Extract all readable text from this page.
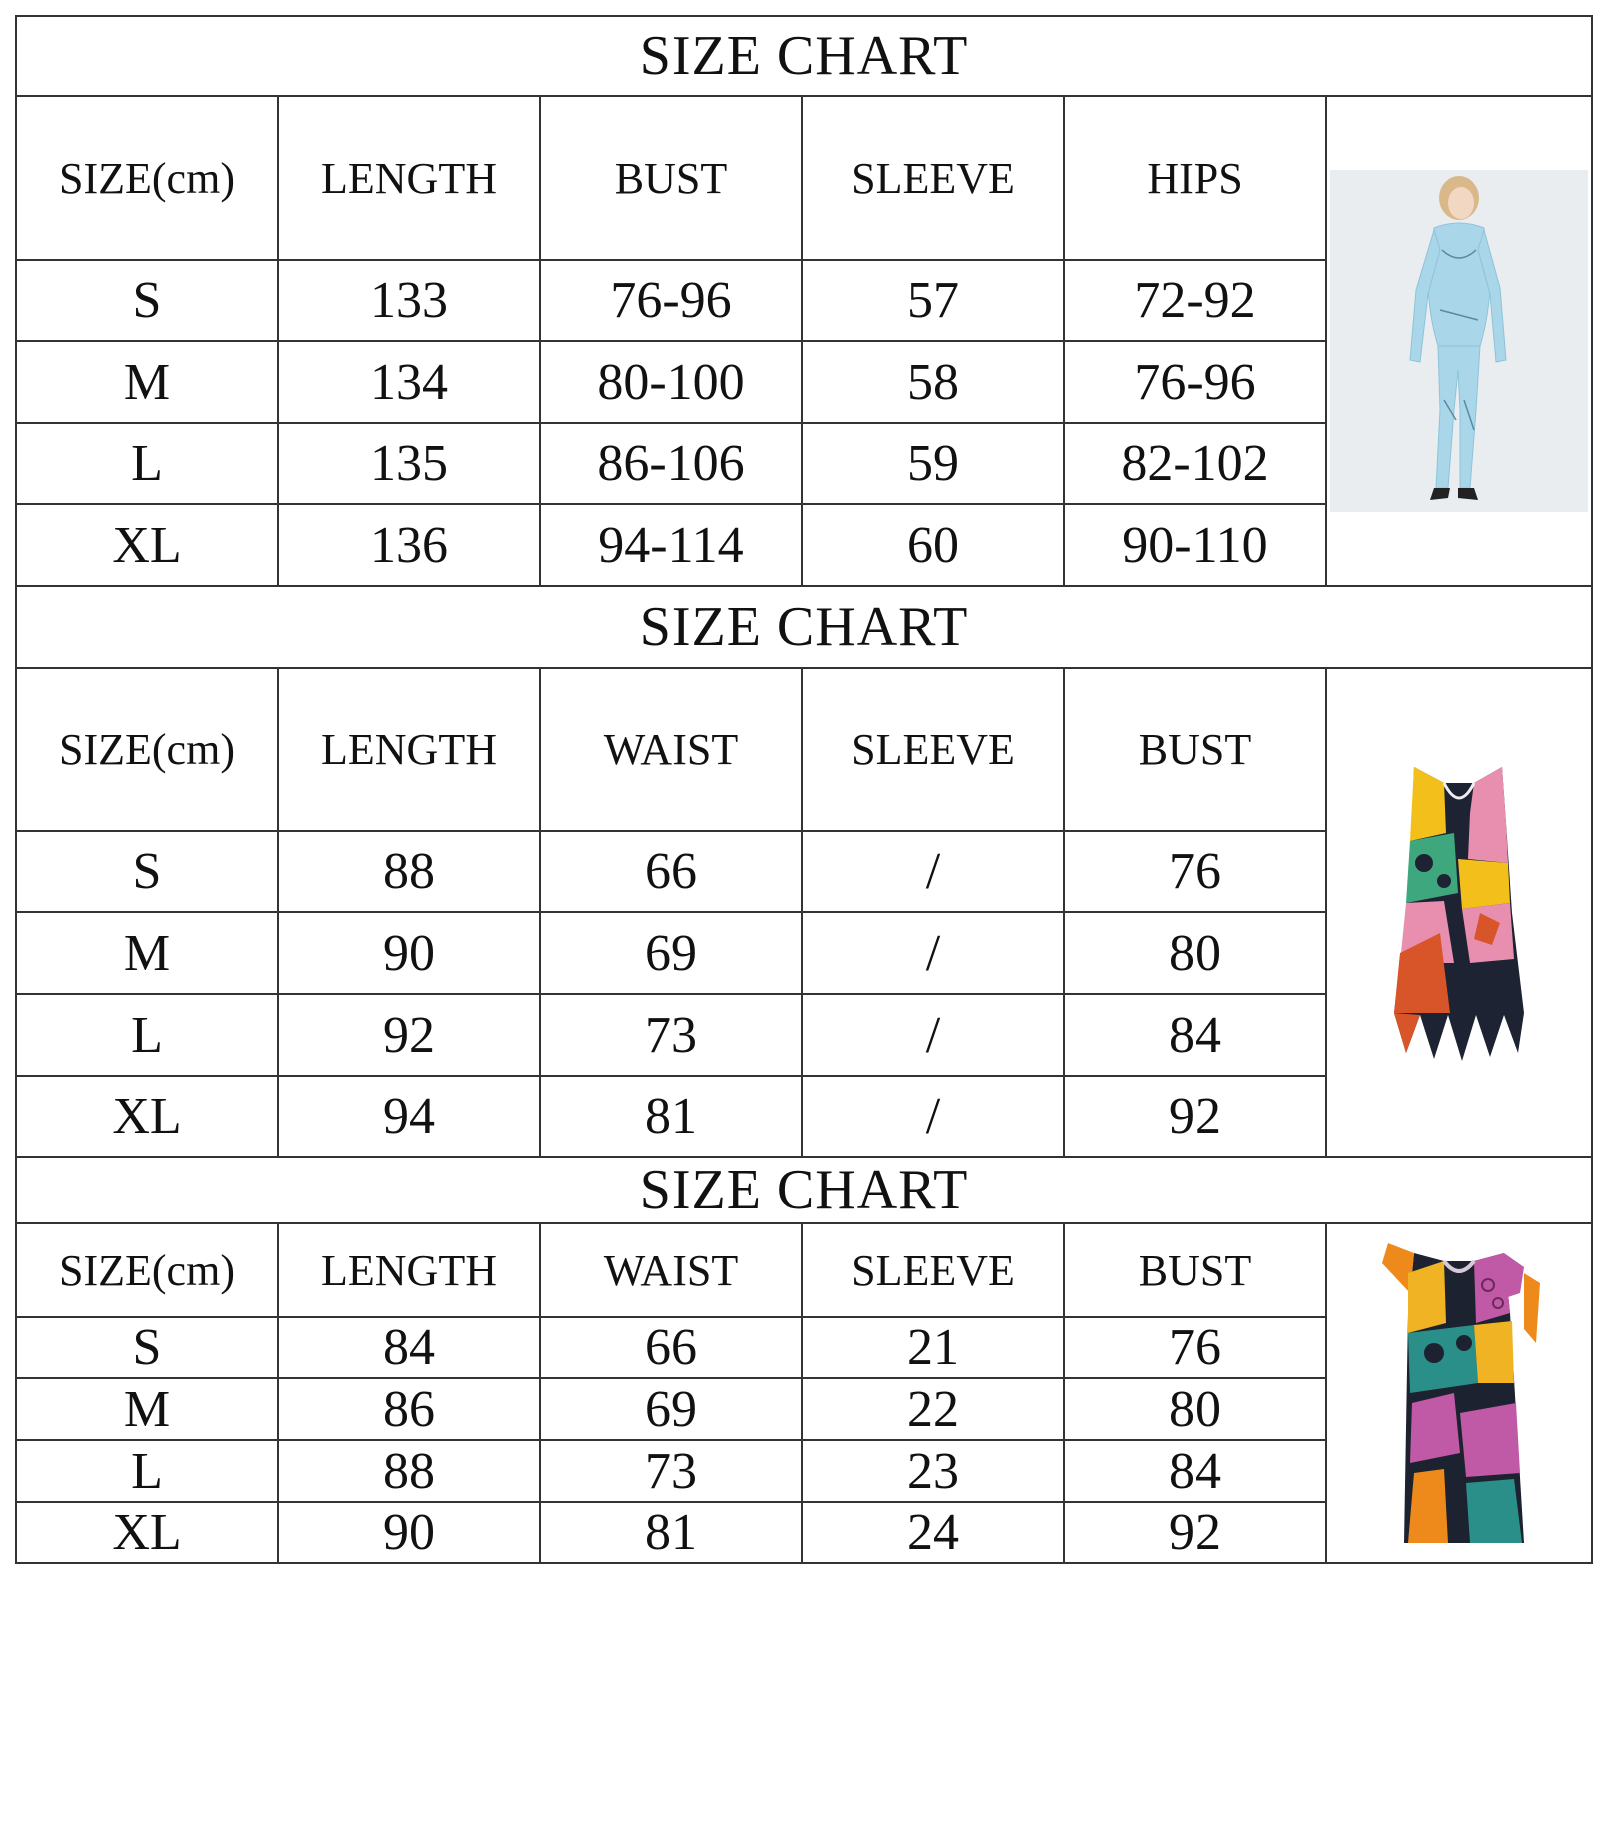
SIZE CHART					
SIZE(cm)	LENGTH	BUST	SLEEVE	HIPS	

S	133	76-96	57	72-92	
M	134	80-100	58	76-96	
L	135	86-106	59	82-102	
XL	136	94-114	60	90-110	
SIZE CHART					
SIZE(cm)	LENGTH	WAIST	SLEEVE	BUST	

S	88	66	/	76	
M	90	69	/	80	
L	92	73	/	84	
XL	94	81	/	92	
SIZE CHART					
SIZE(cm)	LENGTH	WAIST	SLEEVE	BUST	

S	84	66	21	76	
M	86	69	22	80	
L	88	73	23	84	
XL	90	81	24	92	
